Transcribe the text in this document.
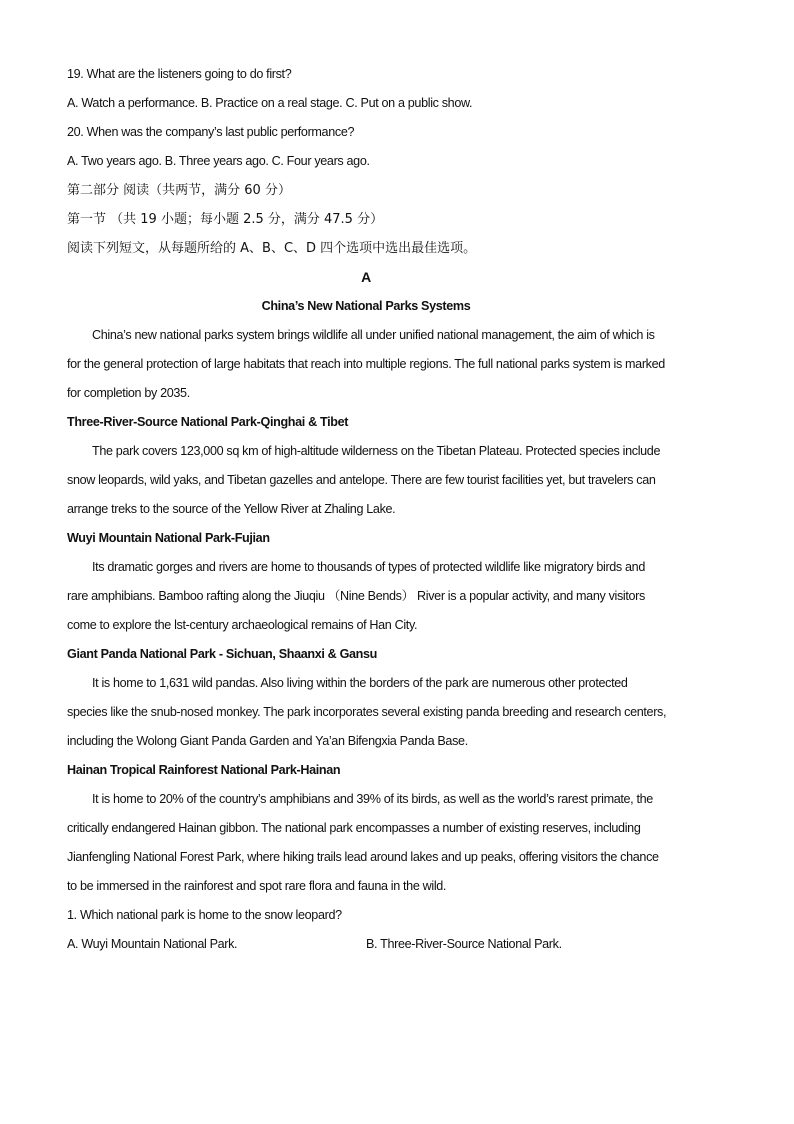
19. What are the listeners going to do first?
A. Watch a performance. B. Practice on a real stage. C. Put on a public show.
20. When was the company’s last public performance?
A. Two years ago. B. Three years ago. C. Four years ago.
第二部分 阅读（共两节，满分 60 分）
第一节 （共 19 小题；每小题 2.5 分，满分 47.5 分）
阅读下列短文，从每题所给的 A、B、C、D 四个选项中选出最佳选项。
A
China’s New National Parks Systems
China’s new national parks system brings wildlife all under unified national management, the aim of which is
for the general protection of large habitats that reach into multiple regions. The full national parks system is marked
for completion by 2035.
Three-River-Source National Park-Qinghai & Tibet
The park covers 123,000 sq km of high-altitude wilderness on the Tibetan Plateau. Protected species include
snow leopards, wild yaks, and Tibetan gazelles and antelope. There are few tourist facilities yet, but travelers can
arrange treks to the source of the Yellow River at Zhaling Lake.
Wuyi Mountain National Park-Fujian
Its dramatic gorges and rivers are home to thousands of types of protected wildlife like migratory birds and
rare amphibians. Bamboo rafting along the Jiuqiu （Nine Bends） River is a popular activity, and many visitors
come to explore the lst-century archaeological remains of Han City.
Giant Panda National Park - Sichuan, Shaanxi & Gansu
It is home to 1,631 wild pandas. Also living within the borders of the park are numerous other protected
species like the snub-nosed monkey. The park incorporates several existing panda breeding and research centers,
including the Wolong Giant Panda Garden and Ya’an Bifengxia Panda Base.
Hainan Tropical Rainforest National Park-Hainan
It is home to 20% of the country’s amphibians and 39% of its birds, as well as the world’s rarest primate, the
critically endangered Hainan gibbon. The national park encompasses a number of existing reserves, including
Jianfengling National Forest Park, where hiking trails lead around lakes and up peaks, offering visitors the chance
to be immersed in the rainforest and spot rare flora and fauna in the wild.
1. Which national park is home to the snow leopard?
A. Wuyi Mountain National Park.	B. Three-River-Source National Park.
